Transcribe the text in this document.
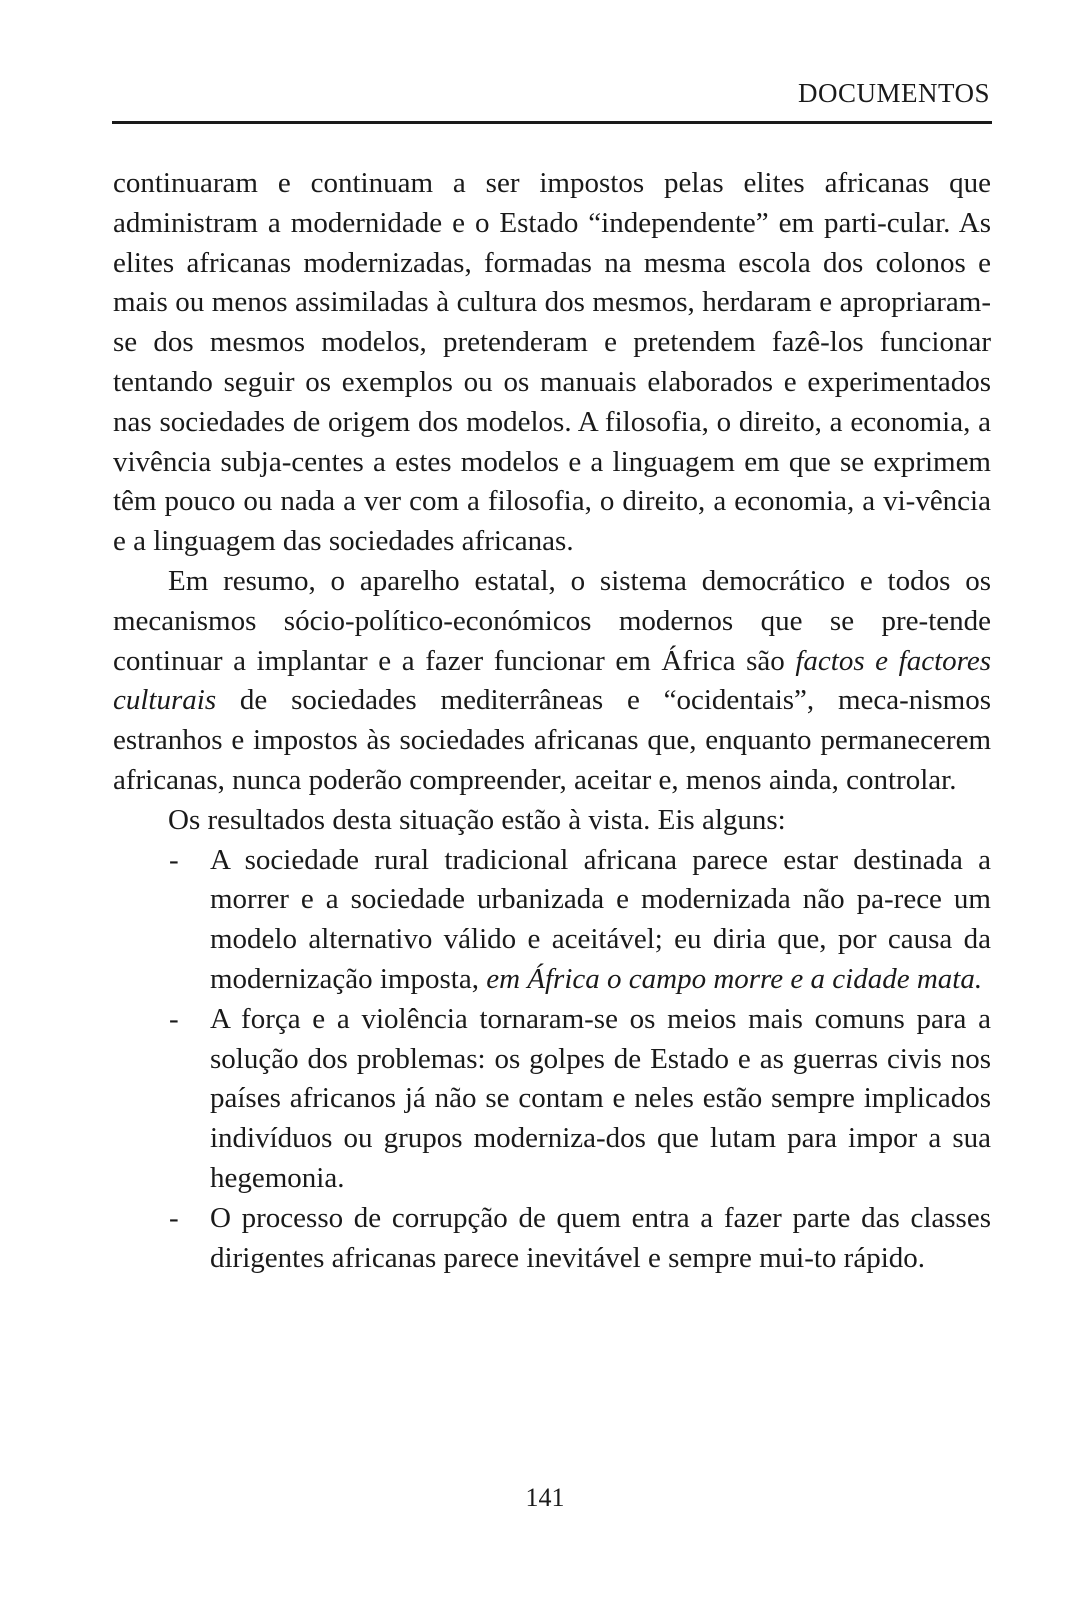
DOCUMENTOS

continuaram e continuam a ser impostos pelas elites africanas que administram a modernidade e o Estado “independente” em parti-cular. As elites africanas modernizadas, formadas na mesma escola dos colonos e mais ou menos assimiladas à cultura dos mesmos, herdaram e apropriaram-se dos mesmos modelos, pretenderam e pretendem fazê-los funcionar tentando seguir os exemplos ou os manuais elaborados e experimentados nas sociedades de origem dos modelos. A filosofia, o direito, a economia, a vivência subja-centes a estes modelos e a linguagem em que se exprimem têm pouco ou nada a ver com a filosofia, o direito, a economia, a vi-vência e a linguagem das sociedades africanas.

Em resumo, o aparelho estatal, o sistema democrático e todos os mecanismos sócio-político-económicos modernos que se pre-tende continuar a implantar e a fazer funcionar em África são factos e factores culturais de sociedades mediterrâneas e “ocidentais”, meca-nismos estranhos e impostos às sociedades africanas que, enquanto permanecerem africanas, nunca poderão compreender, aceitar e, menos ainda, controlar.

Os resultados desta situação estão à vista. Eis alguns:

- A sociedade rural tradicional africana parece estar destinada a morrer e a sociedade urbanizada e modernizada não pa-rece um modelo alternativo válido e aceitável; eu diria que, por causa da modernização imposta, em África o campo morre e a cidade mata.
- A força e a violência tornaram-se os meios mais comuns para a solução dos problemas: os golpes de Estado e as guerras civis nos países africanos já não se contam e neles estão sempre implicados indivíduos ou grupos moderniza-dos que lutam para impor a sua hegemonia.
- O processo de corrupção de quem entra a fazer parte das classes dirigentes africanas parece inevitável e sempre mui-to rápido.
141
